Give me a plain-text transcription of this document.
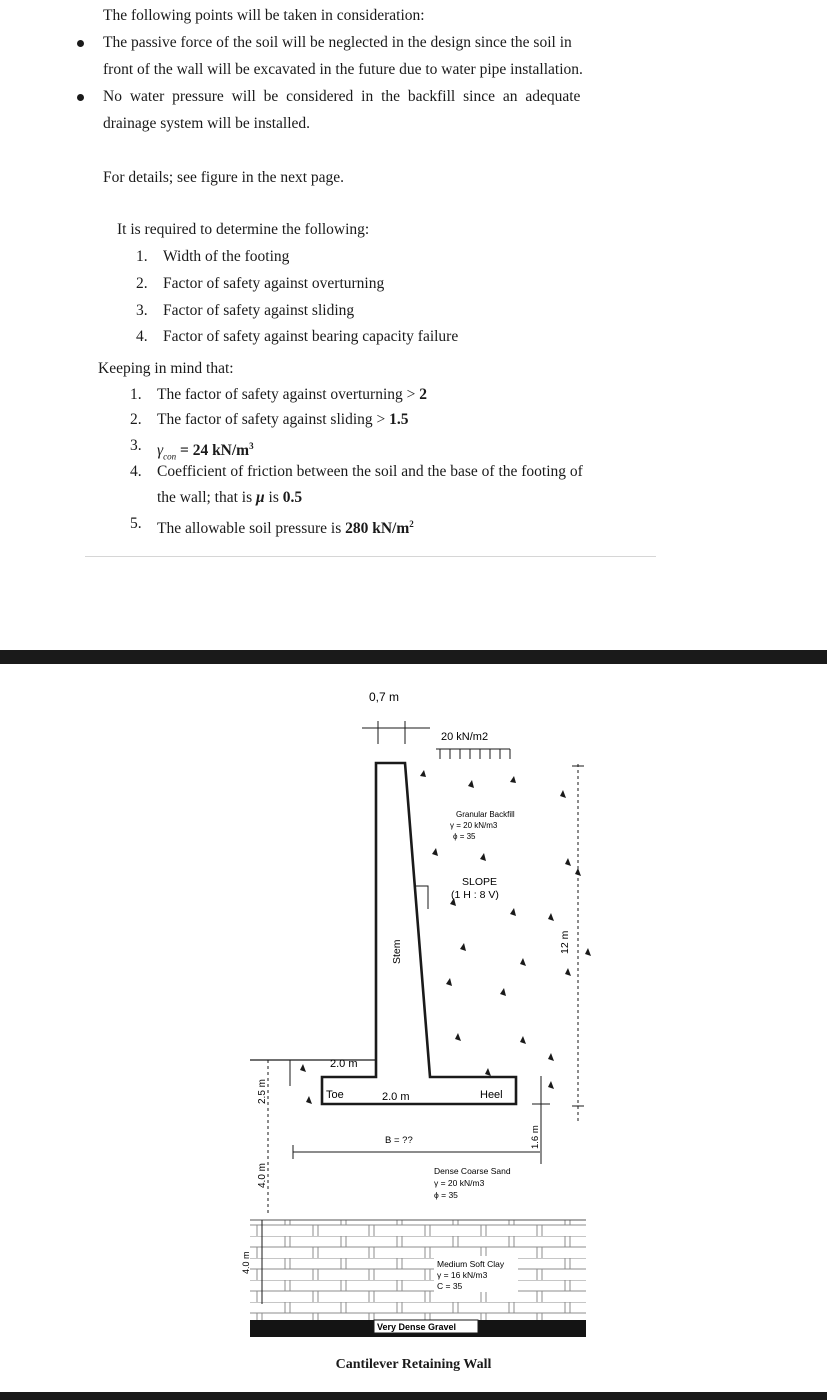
The following points will be taken in consideration:
The passive force of the soil will be neglected in the design since the soil in
front of the wall will be excavated in the future due to water pipe installation.
No water pressure will be considered in the backfill since an adequate
drainage system will be installed.
For details; see figure in the next page.
It is required to determine the following:
1. Width of the footing
2. Factor of safety against overturning
3. Factor of safety against sliding
4. Factor of safety against bearing capacity failure
Keeping in mind that:
1. The factor of safety against overturning > 2
2. The factor of safety against sliding > 1.5
3. $\gamma_{con} = 24$ $kN/m^3$
4. Coefficient of friction between the soil and the base of the footing of
the wall; that is μ is 0.5
5. The allowable soil pressure is 280 $kN/m^2$
0,7 m
20 kN/m2
Granular Backfill
γ = 20 kN/m3
ϕ = 35
SLOPE
(1 H : 8 V)
Stem	12 m
2.0 m
2.0 m
Toe	Heel
B = ??	1.6 m
2.5 m
4.0 m
4.0 m
Dense Coarse Sand
γ = 20 kN/m3
ϕ = 35
Medium Soft Clay
γ = 16 kN/m3
C = 35
Very Dense Gravel
Cantilever Retaining Wall
